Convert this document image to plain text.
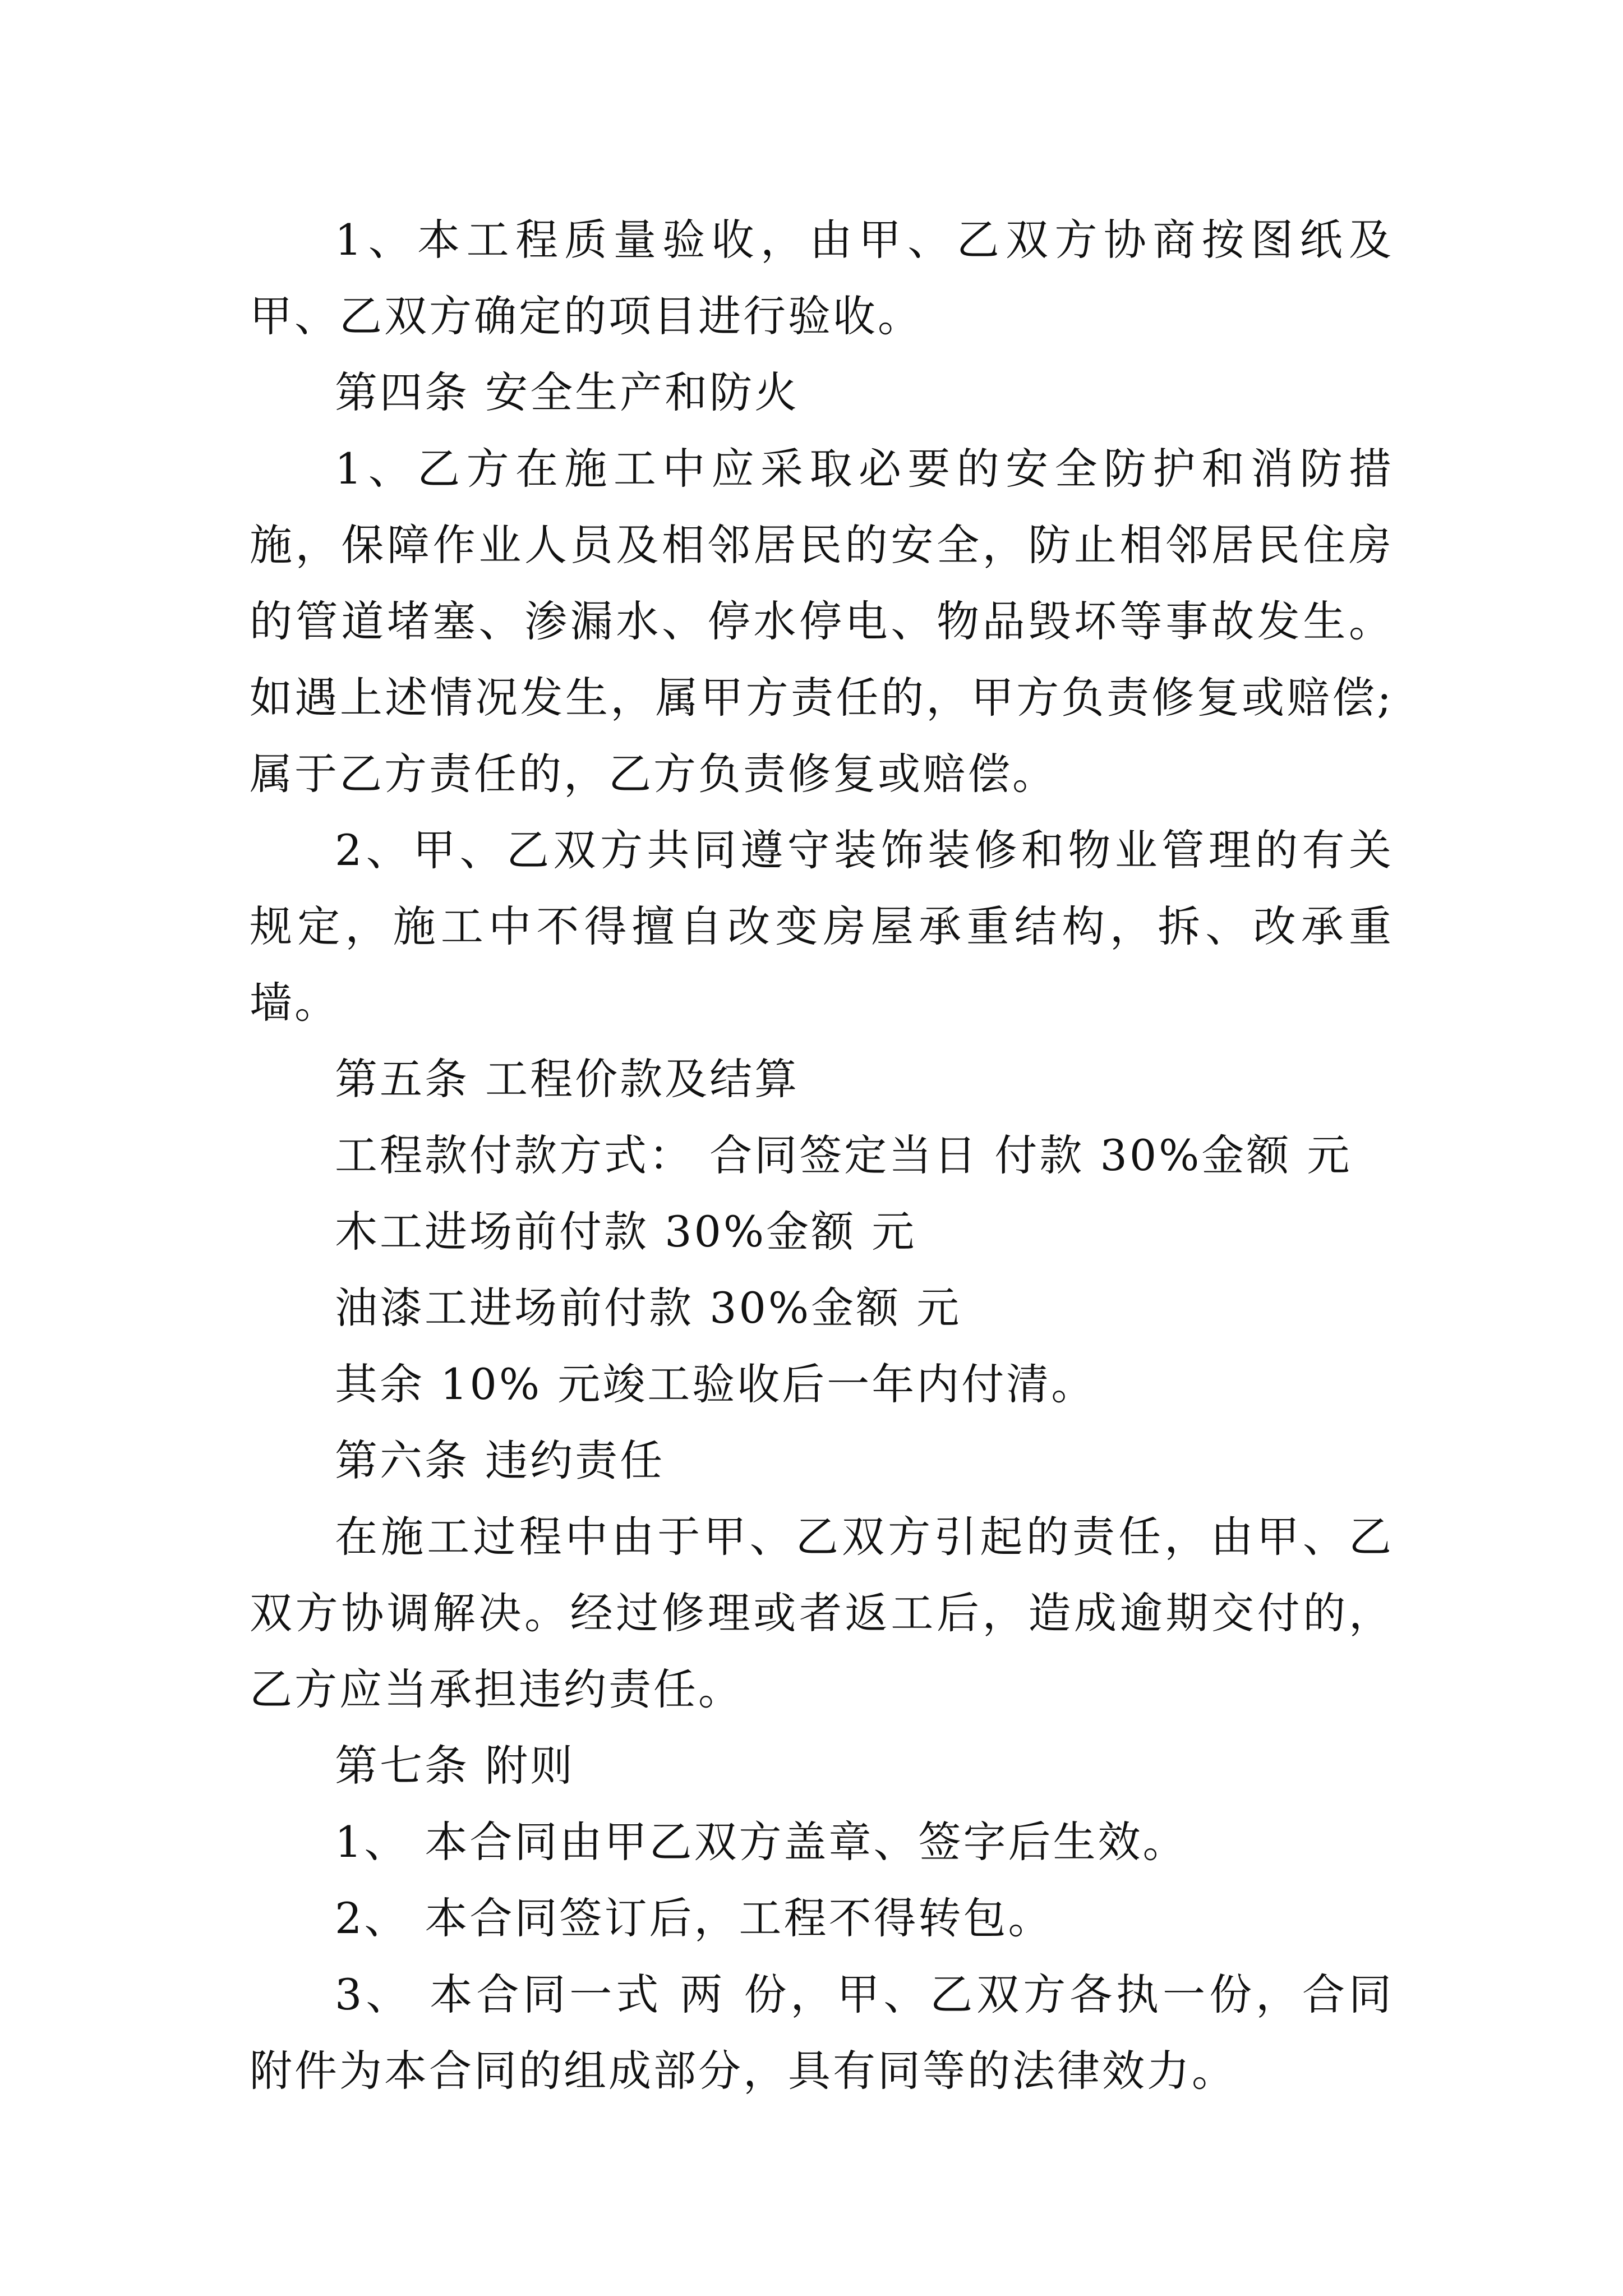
1、本工程质量验收，由甲、乙双方协商按图纸及甲、乙双方确定的项目进行验收。

第四条 安全生产和防火

1、乙方在施工中应采取必要的安全防护和消防措施，保障作业人员及相邻居民的安全，防止相邻居民住房的管道堵塞、渗漏水、停水停电、物品毁坏等事故发生。如遇上述情况发生，属甲方责任的，甲方负责修复或赔偿;属于乙方责任的，乙方负责修复或赔偿。

2、甲、乙双方共同遵守装饰装修和物业管理的有关规定，施工中不得擅自改变房屋承重结构，拆、改承重墙。

第五条 工程价款及结算

工程款付款方式： 合同签定当日 付款 30%金额 元

木工进场前付款 30%金额 元

油漆工进场前付款 30%金额 元

其余 10% 元竣工验收后一年内付清。

第六条 违约责任

在施工过程中由于甲、乙双方引起的责任，由甲、乙双方协调解决。经过修理或者返工后，造成逾期交付的，乙方应当承担违约责任。

第七条 附则

1、 本合同由甲乙双方盖章、签字后生效。

2、 本合同签订后，工程不得转包。

3、 本合同一式 两 份，甲、乙双方各执一份，合同附件为本合同的组成部分，具有同等的法律效力。
